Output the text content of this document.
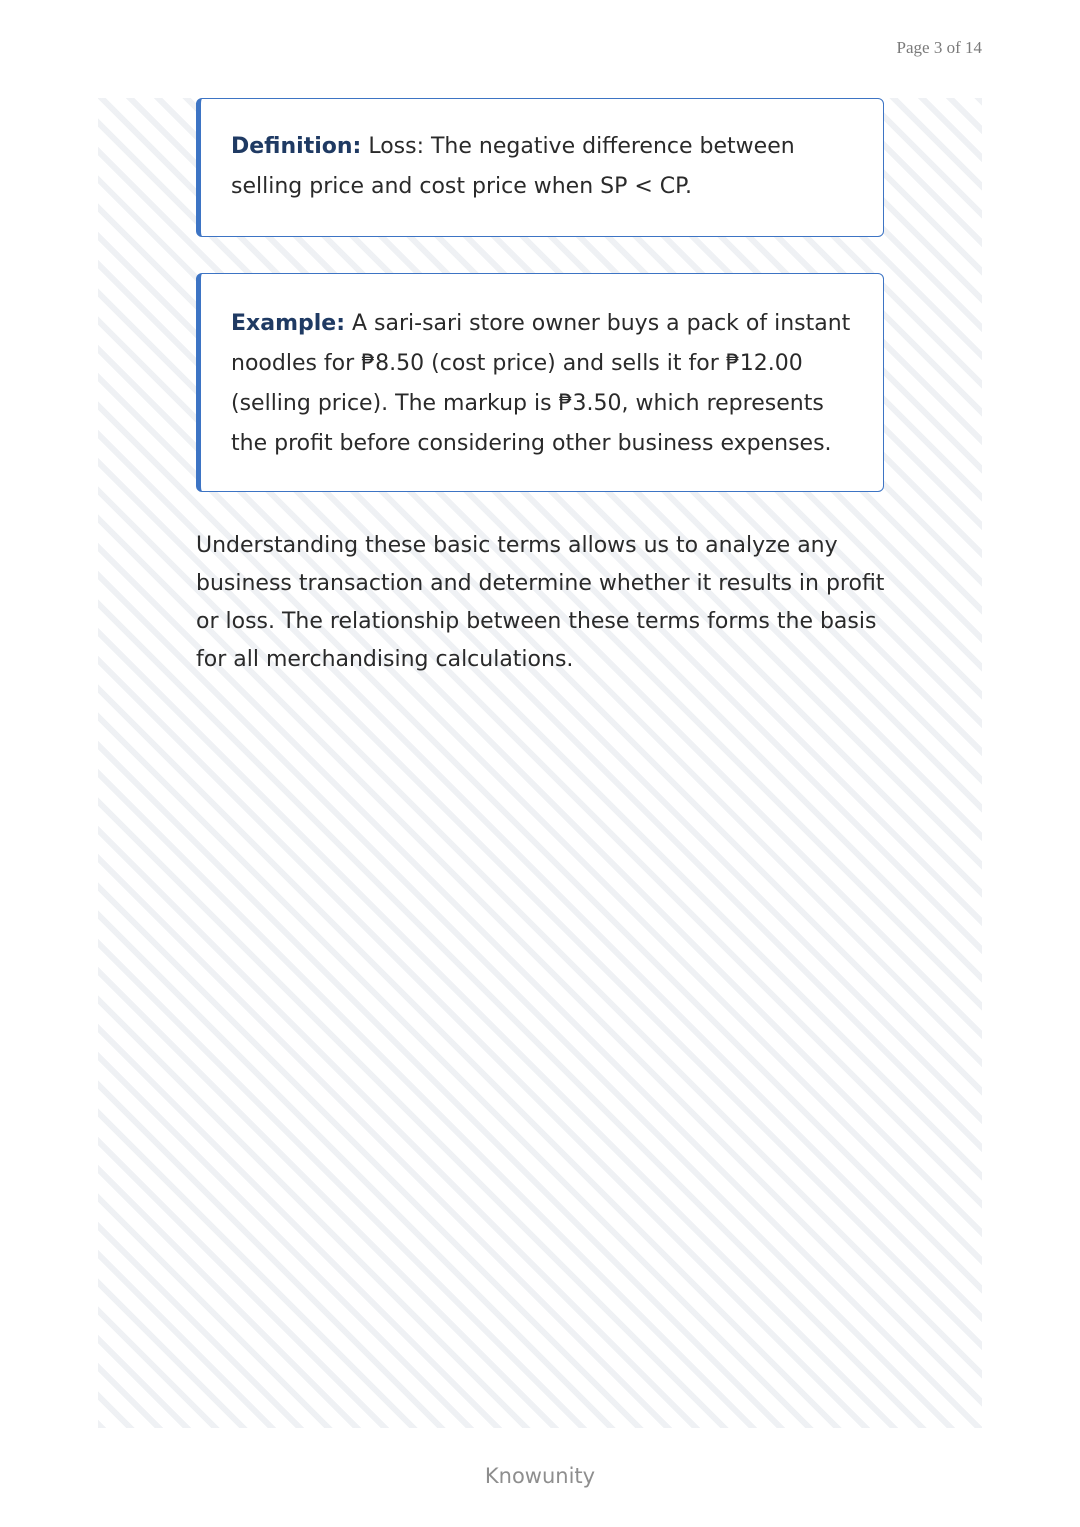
Page 3 of 14
Definition: Loss: The negative difference between selling price and cost price when SP < CP.
Example: A sari-sari store owner buys a pack of instant noodles for ₱8.50 (cost price) and sells it for ₱12.00 (selling price). The markup is ₱3.50, which represents the profit before considering other business expenses.
Understanding these basic terms allows us to analyze any business transaction and determine whether it results in profit or loss. The relationship between these terms forms the basis for all merchandising calculations.
Knowunity
